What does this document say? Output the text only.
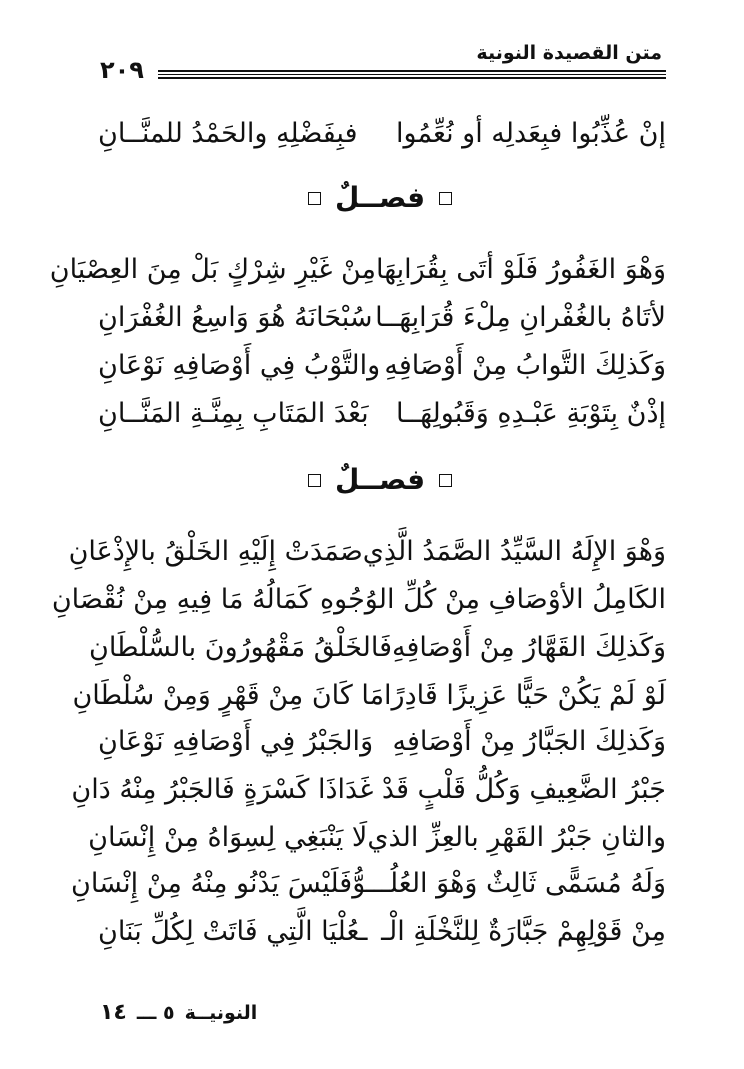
متن القصيدة النونية
٢٠٩
إنْ عُذِّبُوا فبِعَدلِه أو نُعِّمُوا
فبِفَضْلِهِ والحَمْدُ للمنَّــانِ
فصــلٌ
وَهْوَ الغَفُورُ فَلَوْ أتَى بِقُرَابِهَا
مِنْ غَيْرِ شِرْكٍ بَلْ مِنَ العِصْيَانِ
لأتَاهُ بالغُفْرانِ مِلْءَ قُرَابِهَــا
سُبْحَانَهُ هُوَ وَاسِعُ الغُفْرَانِ
وَكَذلِكَ التَّوابُ مِنْ أَوْصَافِهِ
والتَّوْبُ فِي أَوْصَافِهِ نَوْعَانِ
إذْنٌ بِتَوْبَةِ عَبْـدِهِ وَقَبُولِهَــا
بَعْدَ المَتَابِ بِمِنَّـةِ المَنَّــانِ
فصــلٌ
وَهْوَ الإِلَهُ السَّيِّدُ الصَّمَدُ الَّذِي
صَمَدَتْ إِلَيْهِ الخَلْقُ بالإِذْعَانِ
الكَامِلُ الأوْصَافِ مِنْ كُلِّ الوُجُو
هِ كَمَالُهُ مَا فِيهِ مِنْ نُقْصَانِ
وَكَذلِكَ القَهَّارُ مِنْ أَوْصَافِهِ
فَالخَلْقُ مَقْهُورُونَ بالسُّلْطَانِ
لَوْ لَمْ يَكُنْ حَيًّا عَزِيزًا قَادِرًا
مَا كَانَ مِنْ قَهْرٍ وَمِنْ سُلْطَانِ
وَكَذلِكَ الجَبَّارُ مِنْ أَوْصَافِهِ
وَالجَبْرُ فِي أَوْصَافِهِ نَوْعَانِ
جَبْرُ الضَّعِيفِ وَكُلُّ قَلْبٍ قَدْ غَدَا
ذَا كَسْرَةٍ فَالجَبْرُ مِنْهُ دَانِ
والثانِ جَبْرُ القَهْرِ بالعِزِّ الذي
لَا يَنْبَغِي لِسِوَاهُ مِنْ إِنْسَانِ
وَلَهُ مُسَمًّى ثَالِثٌ وَهْوَ العُلُـــوُّ
فَلَيْسَ يَدْنُو مِنْهُ مِنْ إِنْسَانِ
مِنْ قَوْلِهِمْ جَبَّارَةٌ لِلنَّخْلَةِ الْـ
ـعُلْيَا الَّتِي فَاتَتْ لِكُلِّ بَنَانِ
النونيــة
٥ ـــ
١٤
